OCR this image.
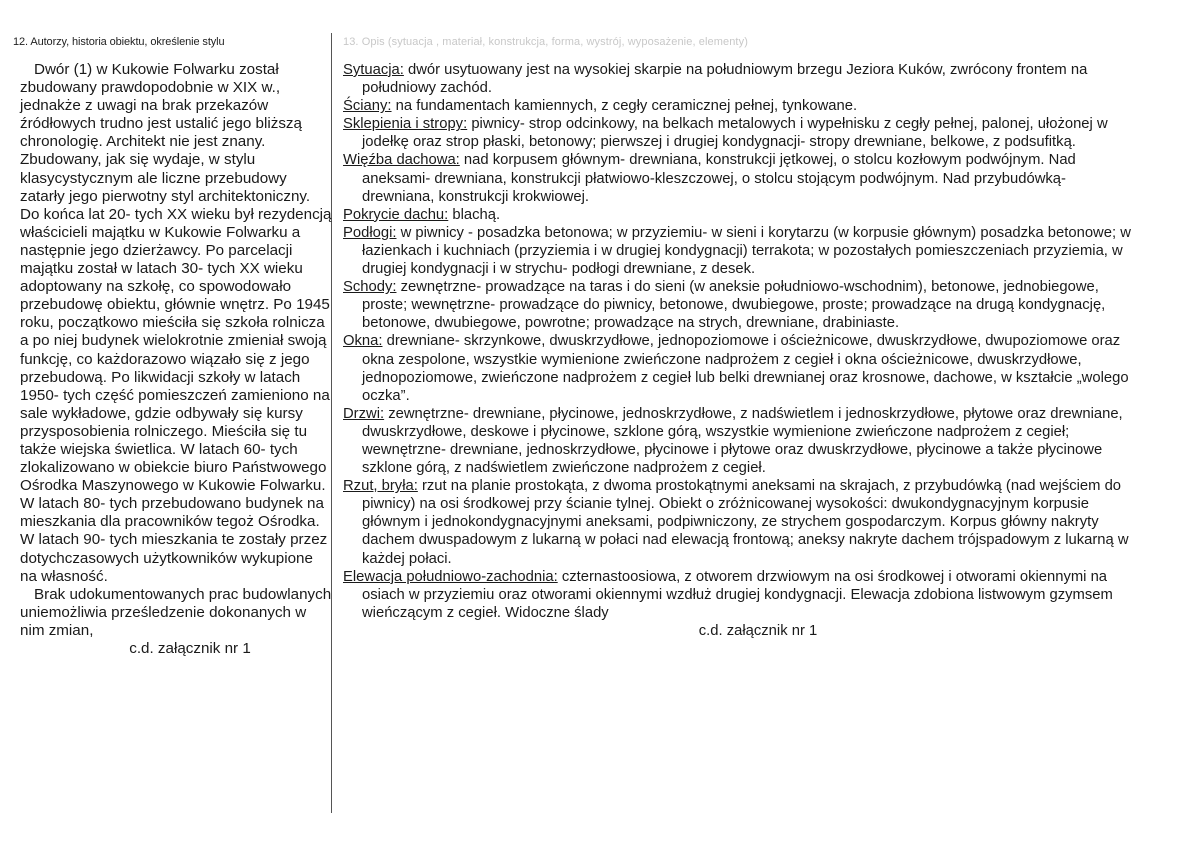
12. Autorzy, historia obiektu, określenie stylu	13. Opis (sytuacja , materiał, konstrukcja, forma, wystrój, wyposażenie, elementy)

Dwór (1) w Kukowie Folwarku został zbudowany prawdopodobnie w XIX w., jednakże z uwagi na brak przekazów źródłowych trudno jest ustalić jego bliższą chronologię. Architekt nie jest znany. Zbudowany, jak się wydaje, w stylu klasycystycznym ale liczne przebudowy zatarły jego pierwotny styl architektoniczny. Do końca lat 20- tych XX wieku był rezydencją właścicieli majątku w Kukowie Folwarku a następnie jego dzierżawcy. Po parcelacji majątku został w latach 30- tych XX wieku adoptowany na szkołę, co spowodowało przebudowę obiektu, głównie wnętrz. Po 1945 roku, początkowo mieściła się szkoła rolnicza a po niej budynek wielokrotnie zmieniał swoją funkcję, co każdorazowo wiązało się z jego przebudową. Po likwidacji szkoły w latach 1950- tych część pomieszczeń zamieniono na sale wykładowe, gdzie odbywały się kursy przysposobienia rolniczego. Mieściła się tu także wiejska świetlica. W latach 60- tych zlokalizowano w obiekcie biuro Państwowego Ośrodka Maszynowego w Kukowie Folwarku. W latach 80- tych przebudowano budynek na mieszkania dla pracowników tegoż Ośrodka. W latach 90- tych mieszkania te zostały przez dotychczasowych użytkowników wykupione na własność.

Brak udokumentowanych prac budowlanych uniemożliwia prześledzenie dokonanych w nim zmian,

c.d. załącznik nr 1

Sytuacja: dwór usytuowany jest na wysokiej skarpie na południowym brzegu Jeziora Kuków, zwrócony frontem na południowy zachód.

Ściany: na fundamentach kamiennych, z cegły ceramicznej pełnej, tynkowane.

Sklepienia i stropy: piwnicy- strop odcinkowy, na belkach metalowych i wypełnisku z cegły pełnej, palonej, ułożonej w jodełkę oraz strop płaski, betonowy; pierwszej i drugiej kondygnacji- stropy drewniane, belkowe, z podsufitką.

Więźba dachowa: nad korpusem głównym- drewniana, konstrukcji jętkowej, o stolcu kozłowym podwójnym. Nad aneksami- drewniana, konstrukcji płatwiowo-kleszczowej, o stolcu stojącym podwójnym. Nad przybudówką- drewniana, konstrukcji krokwiowej.

Pokrycie dachu: blachą.

Podłogi: w piwnicy - posadzka betonowa; w przyziemiu- w sieni i korytarzu (w korpusie głównym) posadzka betonowe; w łazienkach i kuchniach (przyziemia i w drugiej kondygnacji) terrakota; w pozostałych pomieszczeniach przyziemia, w drugiej kondygnacji i w strychu- podłogi drewniane, z desek.

Schody: zewnętrzne- prowadzące na taras i do sieni (w aneksie południowo-wschodnim), betonowe, jednobiegowe, proste; wewnętrzne- prowadzące do piwnicy, betonowe, dwubiegowe, proste; prowadzące na drugą kondygnację, betonowe, dwubiegowe, powrotne; prowadzące na strych, drewniane, drabiniaste.

Okna: drewniane- skrzynkowe, dwuskrzydłowe, jednopoziomowe i ościeżnicowe, dwuskrzydłowe, dwupoziomowe oraz okna zespolone, wszystkie wymienione zwieńczone nadprożem z cegieł i okna ościeżnicowe, dwuskrzydłowe, jednopoziomowe, zwieńczone nadprożem z cegieł lub belki drewnianej oraz krosnowe, dachowe, w kształcie „wolego oczka”.

Drzwi: zewnętrzne- drewniane, płycinowe, jednoskrzydłowe, z nadświetlem i jednoskrzydłowe, płytowe oraz drewniane, dwuskrzydłowe, deskowe i płycinowe, szklone górą, wszystkie wymienione zwieńczone nadprożem z cegieł; wewnętrzne- drewniane, jednoskrzydłowe, płycinowe i płytowe oraz dwuskrzydłowe, płycinowe a także płycinowe szklone górą, z nadświetlem zwieńczone nadprożem z cegieł.

Rzut, bryła: rzut na planie prostokąta, z dwoma prostokątnymi aneksami na skrajach, z przybudówką (nad wejściem do piwnicy) na osi środkowej przy ścianie tylnej. Obiekt o zróżnicowanej wysokości: dwukondygnacyjnym korpusie głównym i jednokondygnacyjnymi aneksami, podpiwniczony, ze strychem gospodarczym. Korpus główny nakryty dachem dwuspadowym z lukarną w połaci nad elewacją frontową; aneksy nakryte dachem trójspadowym z lukarną w każdej połaci.

Elewacja południowo-zachodnia: czternastoosiowa, z otworem drzwiowym na osi środkowej i otworami okiennymi na osiach w przyziemiu oraz otworami okiennymi wzdłuż drugiej kondygnacji. Elewacja zdobiona listwowym gzymsem wieńczącym z cegieł. Widoczne ślady

c.d. załącznik nr 1
